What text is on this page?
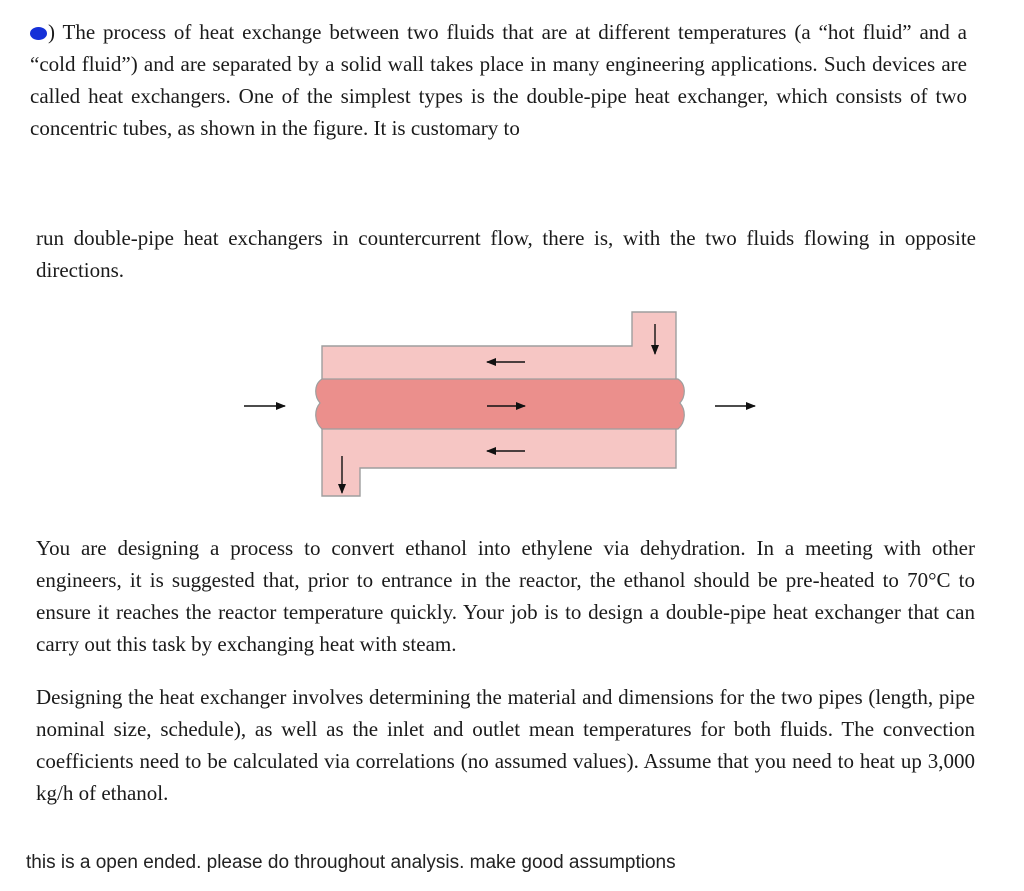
) The process of heat exchange between two fluids that are at different temperatures (a “hot fluid” and a “cold fluid”) and are separated by a solid wall takes place in many engineering applications. Such devices are called heat exchangers. One of the simplest types is the double-pipe heat exchanger, which consists of two concentric tubes, as shown in the figure. It is customary to
run double-pipe heat exchangers in countercurrent flow, there is, with the two fluids flowing in opposite directions.
You are designing a process to convert ethanol into ethylene via dehydration. In a meeting with other engineers, it is suggested that, prior to entrance in the reactor, the ethanol should be pre-heated to 70°C to ensure it reaches the reactor temperature quickly. Your job is to design a double-pipe heat exchanger that can carry out this task by exchanging heat with steam.
Designing the heat exchanger involves determining the material and dimensions for the two pipes (length, pipe nominal size, schedule), as well as the inlet and outlet mean temperatures for both fluids. The convection coefficients need to be calculated via correlations (no assumed values). Assume that you need to heat up 3,000 kg/h of ethanol.
this is a open ended. please do throughout analysis. make good assumptions
